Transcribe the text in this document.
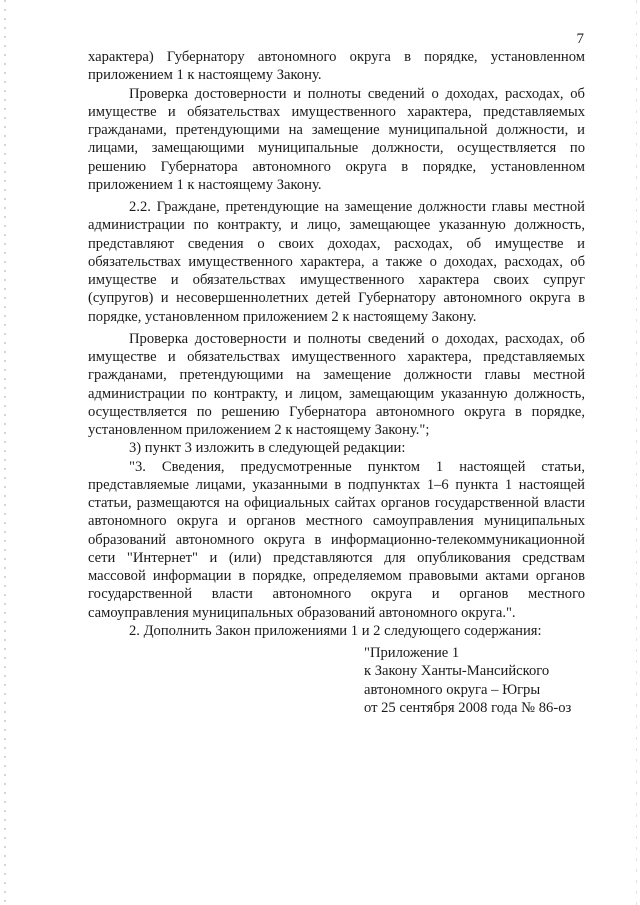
7

характера) Губернатору автономного округа в порядке, установленном приложением 1 к настоящему Закону.

Проверка достоверности и полноты сведений о доходах, расходах, об имуществе и обязательствах имущественного характера, представляемых гражданами, претендующими на замещение муниципальной должности, и лицами, замещающими муниципальные должности, осуществляется по решению Губернатора автономного округа в порядке, установленном приложением 1 к настоящему Закону.

2.2. Граждане, претендующие на замещение должности главы местной администрации по контракту, и лицо, замещающее указанную должность, представляют сведения о своих доходах, расходах, об имуществе и обязательствах имущественного характера, а также о доходах, расходах, об имуществе и обязательствах имущественного характера своих супруг (супругов) и несовершеннолетних детей Губернатору автономного округа в порядке, установленном приложением 2 к настоящему Закону.

Проверка достоверности и полноты сведений о доходах, расходах, об имуществе и обязательствах имущественного характера, представляемых гражданами, претендующими на замещение должности главы местной администрации по контракту, и лицом, замещающим указанную должность, осуществляется по решению Губернатора автономного округа в порядке, установленном приложением 2 к настоящему Закону.";

3) пункт 3 изложить в следующей редакции:

"3. Сведения, предусмотренные пунктом 1 настоящей статьи, представляемые лицами, указанными в подпунктах 1–6 пункта 1 настоящей статьи, размещаются на официальных сайтах органов государственной власти автономного округа и органов местного самоуправления муниципальных образований автономного округа в информационно-телекоммуникационной сети "Интернет" и (или) представляются для опубликования средствам массовой информации в порядке, определяемом правовыми актами органов государственной власти автономного округа и органов местного самоуправления муниципальных образований автономного округа.".

2. Дополнить Закон приложениями 1 и 2 следующего содержания:

"Приложение 1
к Закону Ханты-Мансийского
автономного округа – Югры
от 25 сентября 2008 года № 86-оз
